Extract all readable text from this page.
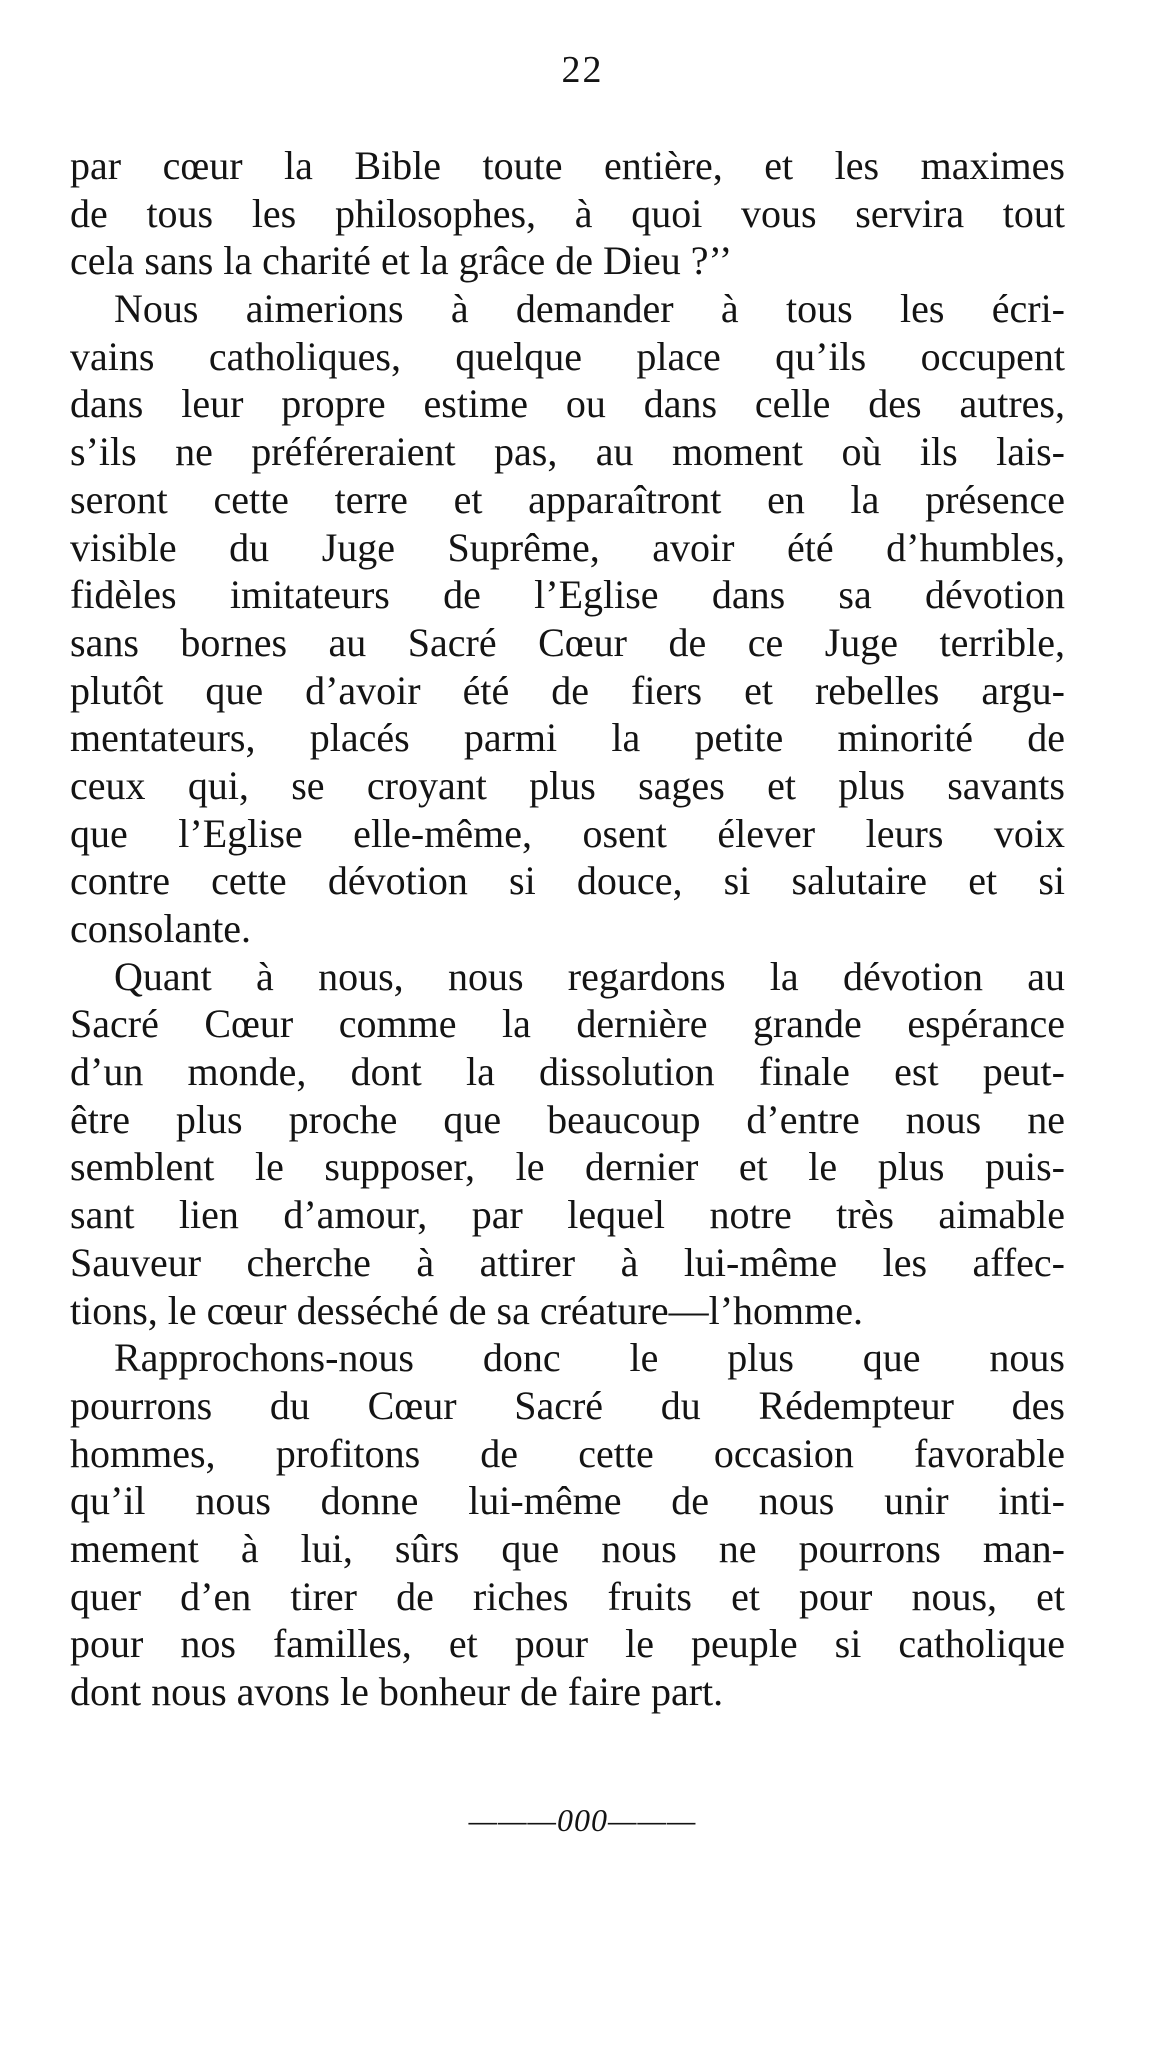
22
par cœur la Bible toute entière, et les maximes
de tous les philosophes, à quoi vous servira tout
cela sans la charité et la grâce de Dieu ?’’
Nous aimerions à demander à tous les écri-
vains catholiques, quelque place qu’ils occupent
dans leur propre estime ou dans celle des autres,
s’ils ne préféreraient pas, au moment où ils lais-
seront cette terre et apparaîtront en la présence
visible du Juge Suprême, avoir été d’humbles,
fidèles imitateurs de l’Eglise dans sa dévotion
sans bornes au Sacré Cœur de ce Juge terrible,
plutôt que d’avoir été de fiers et rebelles argu-
mentateurs, placés parmi la petite minorité de
ceux qui, se croyant plus sages et plus savants
que l’Eglise elle-même, osent élever leurs voix
contre cette dévotion si douce, si salutaire et si
consolante.
Quant à nous, nous regardons la dévotion au
Sacré Cœur comme la dernière grande espérance
d’un monde, dont la dissolution finale est peut-
être plus proche que beaucoup d’entre nous ne
semblent le supposer, le dernier et le plus puis-
sant lien d’amour, par lequel notre très aimable
Sauveur cherche à attirer à lui-même les affec-
tions, le cœur desséché de sa créature—l’homme.
Rapprochons-nous donc le plus que nous
pourrons du Cœur Sacré du Rédempteur des
hommes, profitons de cette occasion favorable
qu’il nous donne lui-même de nous unir inti-
mement à lui, sûrs que nous ne pourrons man-
quer d’en tirer de riches fruits et pour nous, et
pour nos familles, et pour le peuple si catholique
dont nous avons le bonheur de faire part.
———000———
